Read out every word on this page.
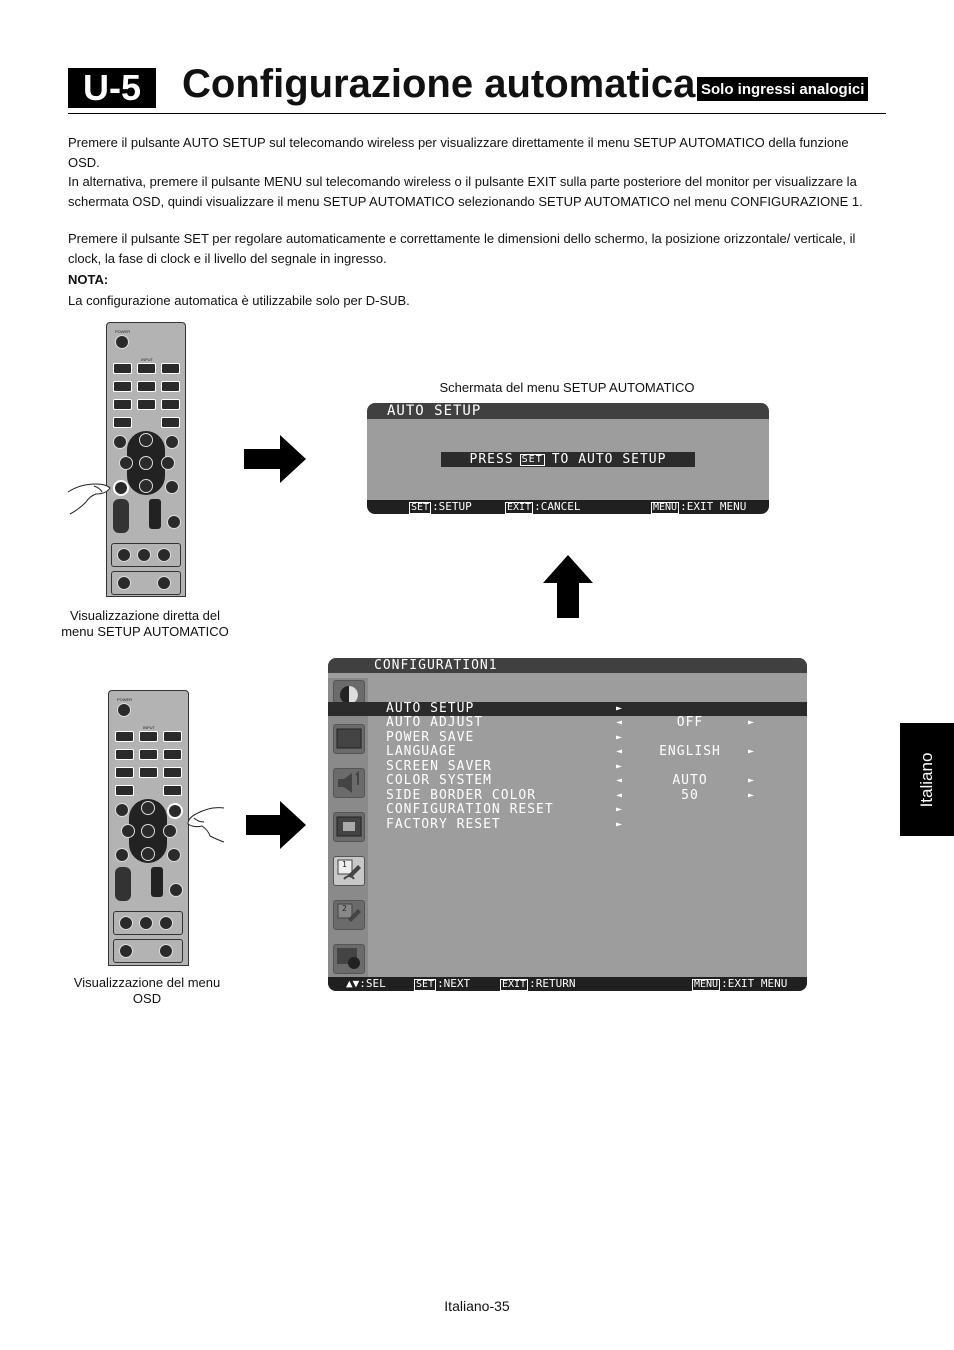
U-5	Configurazione automatica Solo ingressi analogici
Premere il pulsante AUTO SETUP sul telecomando wireless per visualizzare direttamente il menu SETUP AUTOMATICO della funzione OSD.
In alternativa, premere il pulsante MENU sul telecomando wireless o il pulsante EXIT sulla parte posteriore del monitor per visualizzare la schermata OSD, quindi visualizzare il menu SETUP AUTOMATICO selezionando SETUP AUTOMATICO nel menu CONFIGURAZIONE 1.
Premere il pulsante SET per regolare automaticamente e correttamente le dimensioni dello schermo, la posizione orizzontale/ verticale, il clock, la fase di clock e il livello del segnale in ingresso.
NOTA:
La configurazione automatica è utilizzabile solo per D-SUB.
POWER
INPUT
Visualizzazione diretta del menu SETUP AUTOMATICO
Schermata del menu SETUP AUTOMATICO
AUTO SETUP
PRESS SET TO AUTO SETUP
SET :SETUP	EXIT :CANCEL	MENU :EXIT MENU
POWER
INPUT
Visualizzazione del menu OSD
CONFIGURATION1
1
2
AUTO SETUP	►
AUTO ADJUST	◄	OFF	►
POWER SAVE	►
LANGUAGE	◄	ENGLISH	►
SCREEN SAVER	►
COLOR SYSTEM	◄	AUTO	►
SIDE BORDER COLOR	◄	50	►
CONFIGURATION RESET	►
FACTORY RESET	►
▲▼:SEL	SET :NEXT	EXIT :RETURN	MENU :EXIT MENU
Italiano
Italiano-35
